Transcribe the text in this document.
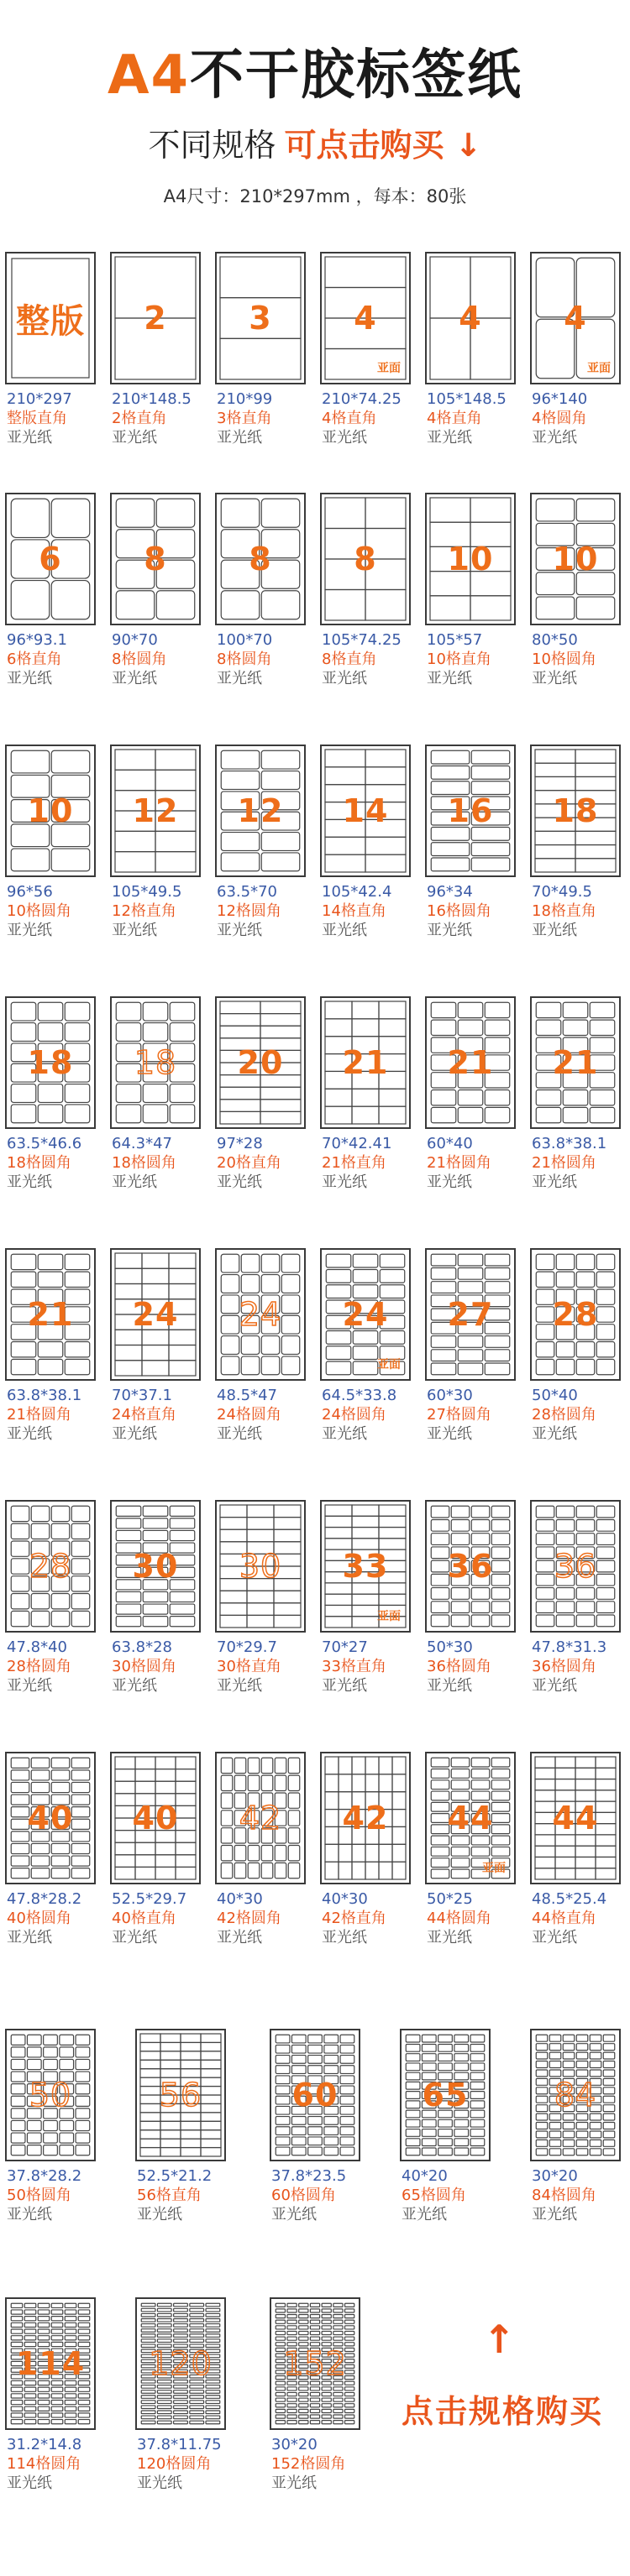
A4不干胶标签纸
不同规格 可点击购买 ↓
A4尺寸：210*297mm ，每本：80张
整版
210*297
整版直角
亚光纸
2
210*148.5
2格直角
亚光纸
3
210*99
3格直角
亚光纸
4
亚面
210*74.25
4格直角
亚光纸
4
105*148.5
4格直角
亚光纸
4
亚面
96*140
4格圆角
亚光纸
6
96*93.1
6格直角
亚光纸
8
90*70
8格圆角
亚光纸
8
100*70
8格圆角
亚光纸
8
105*74.25
8格直角
亚光纸
10
105*57
10格直角
亚光纸
10
80*50
10格圆角
亚光纸
10
96*56
10格圆角
亚光纸
12
105*49.5
12格直角
亚光纸
12
63.5*70
12格圆角
亚光纸
14
105*42.4
14格直角
亚光纸
16
96*34
16格圆角
亚光纸
18
70*49.5
18格直角
亚光纸
18
63.5*46.6
18格圆角
亚光纸
18
64.3*47
18格圆角
亚光纸
20
97*28
20格直角
亚光纸
21
70*42.41
21格直角
亚光纸
21
60*40
21格圆角
亚光纸
21
63.8*38.1
21格圆角
亚光纸
21
63.8*38.1
21格圆角
亚光纸
24
70*37.1
24格直角
亚光纸
24
48.5*47
24格圆角
亚光纸
24
亚面
64.5*33.8
24格圆角
亚光纸
27
60*30
27格圆角
亚光纸
28
50*40
28格圆角
亚光纸
28
47.8*40
28格圆角
亚光纸
30
63.8*28
30格圆角
亚光纸
30
70*29.7
30格直角
亚光纸
33
亚面
70*27
33格直角
亚光纸
36
50*30
36格圆角
亚光纸
36
47.8*31.3
36格圆角
亚光纸
40
47.8*28.2
40格圆角
亚光纸
40
52.5*29.7
40格直角
亚光纸
42
40*30
42格圆角
亚光纸
42
40*30
42格直角
亚光纸
44
亚面
50*25
44格圆角
亚光纸
44
48.5*25.4
44格直角
亚光纸
50
37.8*28.2
50格圆角
亚光纸
56
52.5*21.2
56格直角
亚光纸
60
37.8*23.5
60格圆角
亚光纸
65
40*20
65格圆角
亚光纸
84
30*20
84格圆角
亚光纸
114
31.2*14.8
114格圆角
亚光纸
120
37.8*11.75
120格圆角
亚光纸
152
30*20
152格圆角
亚光纸
↑
点击规格购买
